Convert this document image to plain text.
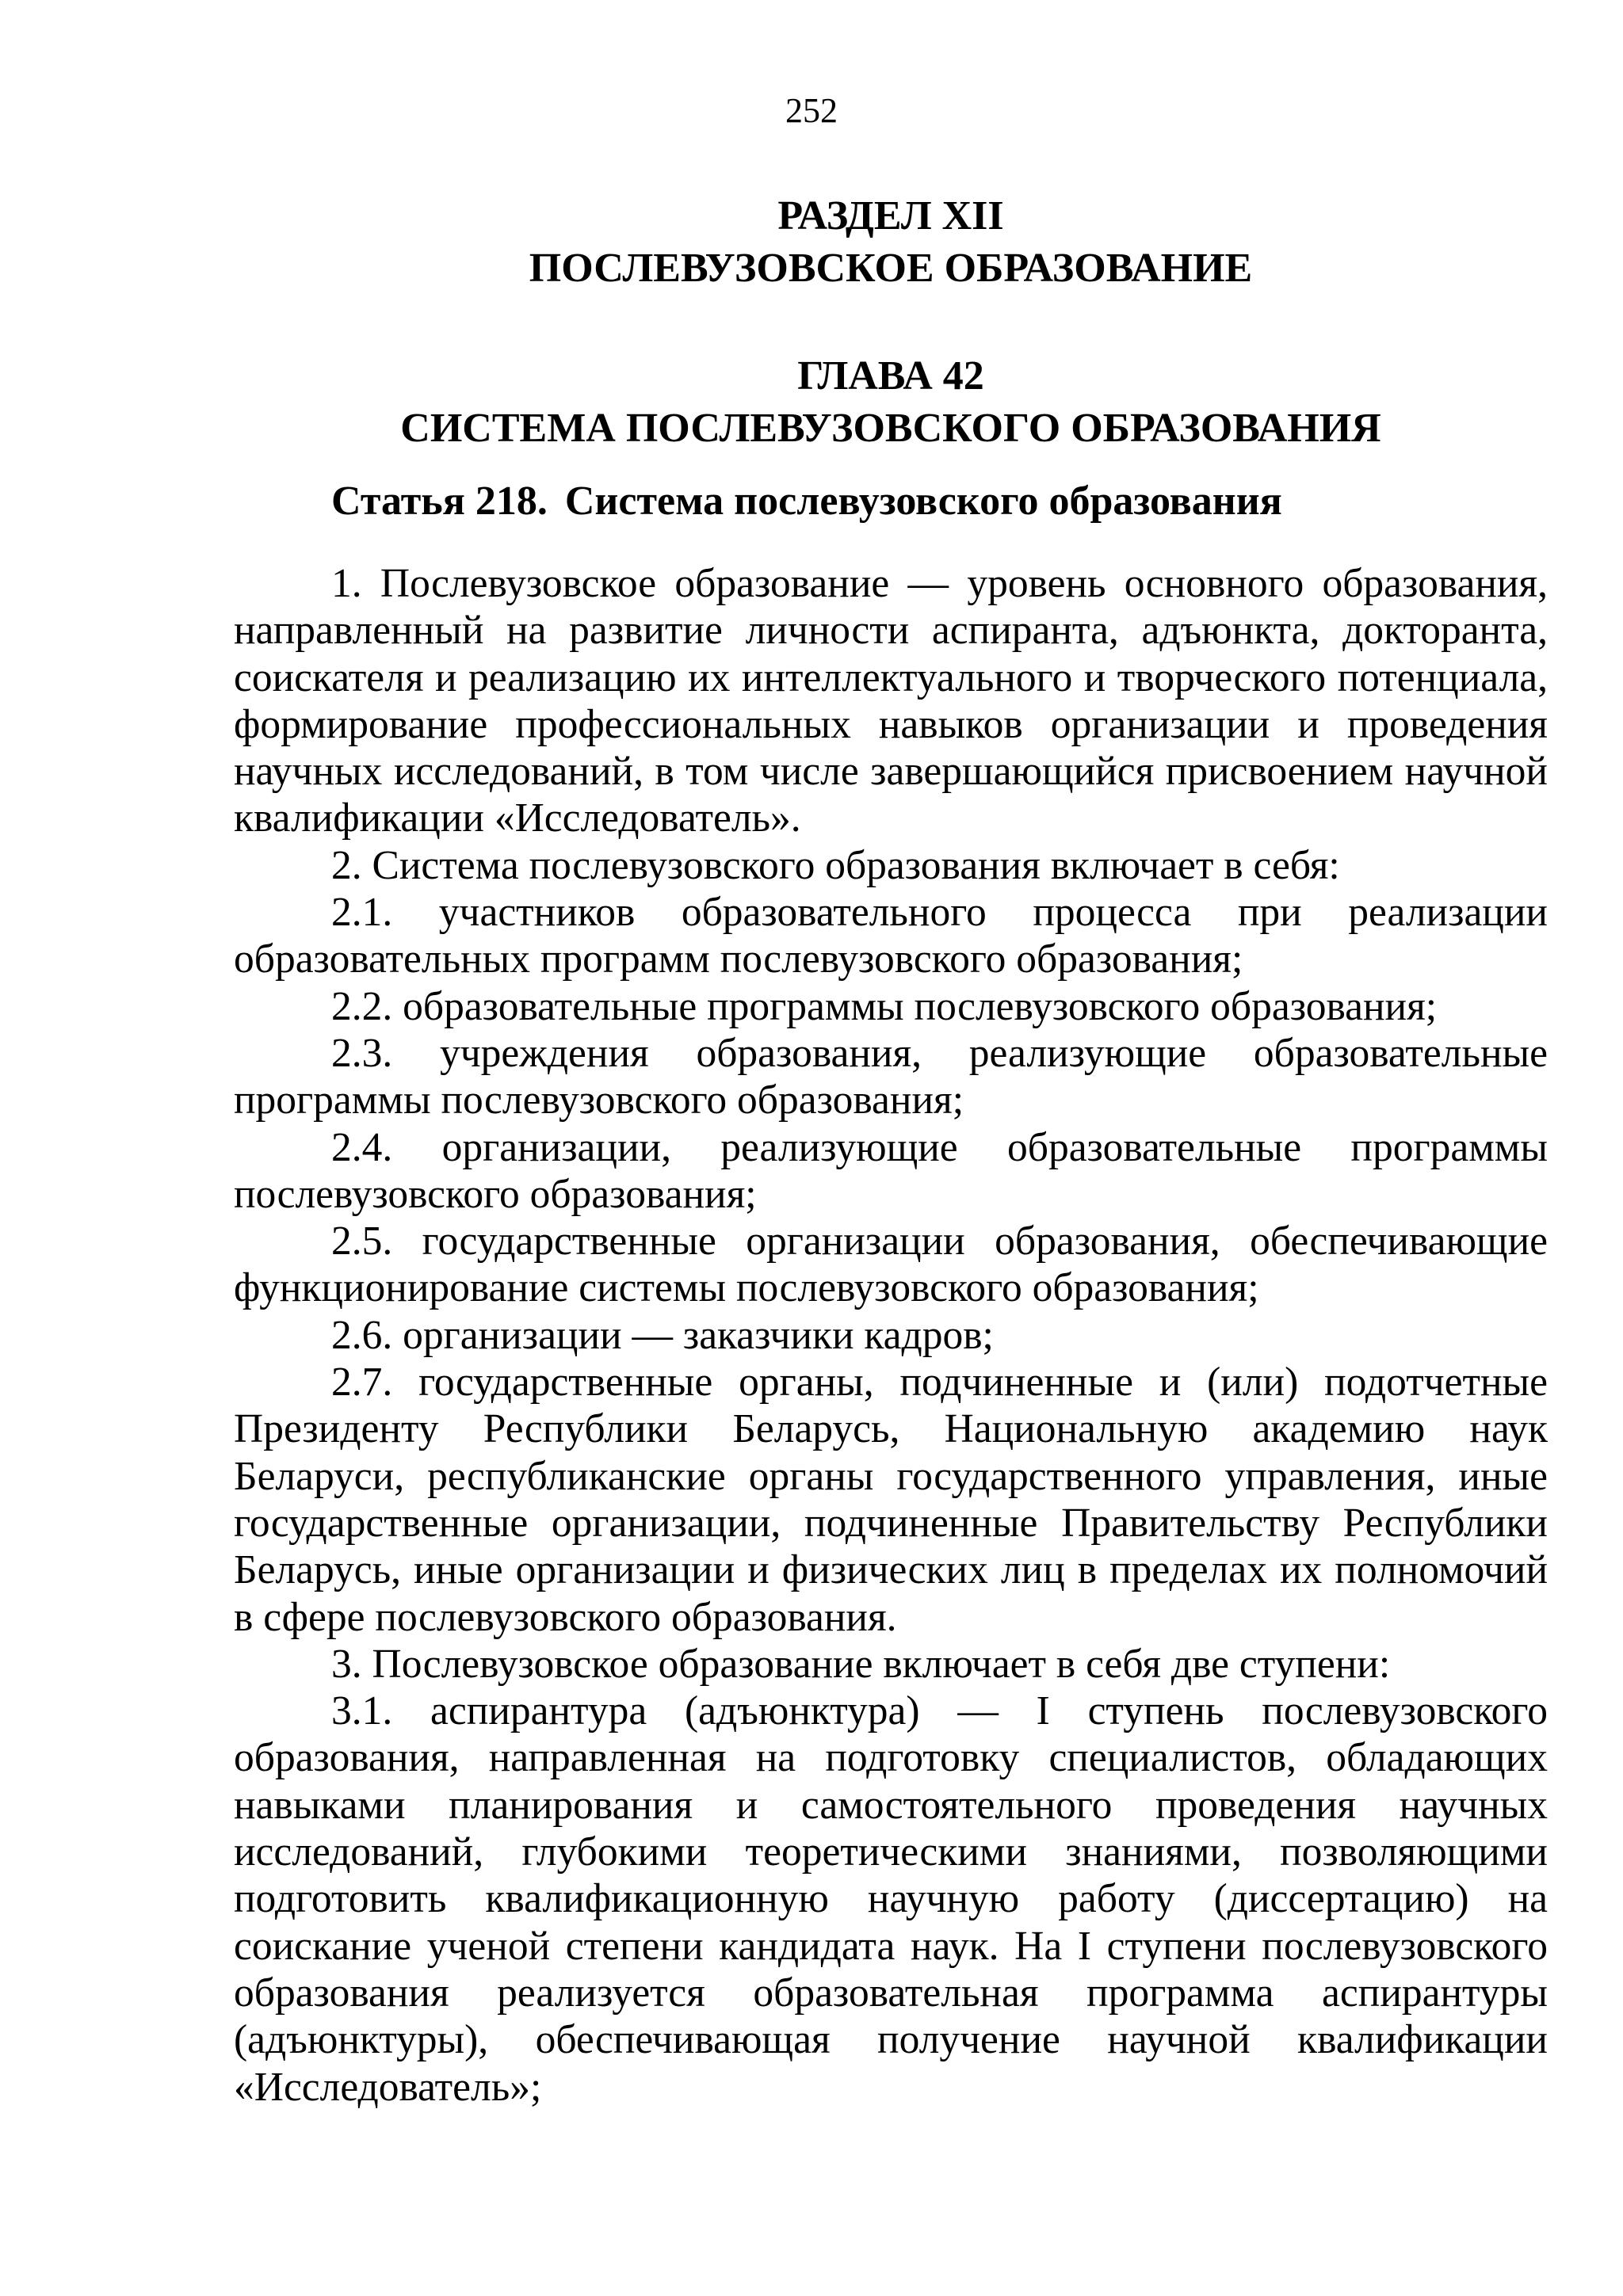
252
РАЗДЕЛ XII
ПОСЛЕВУЗОВСКОЕ ОБРАЗОВАНИЕ
ГЛАВА 42
СИСТЕМА ПОСЛЕВУЗОВСКОГО ОБРАЗОВАНИЯ
Статья 218. Система послевузовского образования

1. Послевузовское образование — уровень основного образования, направленный на развитие личности аспиранта, адъюнкта, докторанта, соискателя и реализацию их интеллектуального и творческого потенциала, формирование профессиональных навыков организации и проведения научных исследований, в том числе завершающийся присвоением научной квалификации «Исследователь».

2. Система послевузовского образования включает в себя:

2.1. участников образовательного процесса при реализации образовательных программ послевузовского образования;

2.2. образовательные программы послевузовского образования;

2.3. учреждения образования, реализующие образовательные программы послевузовского образования;

2.4. организации, реализующие образовательные программы послевузовского образования;

2.5. государственные организации образования, обеспечивающие функционирование системы послевузовского образования;

2.6. организации — заказчики кадров;

2.7. государственные органы, подчиненные и (или) подотчетные Президенту Республики Беларусь, Национальную академию наук Беларуси, республиканские органы государственного управления, иные государственные организации, подчиненные Правительству Республики Беларусь, иные организации и физических лиц в пределах их полномочий в сфере послевузовского образования.

3. Послевузовское образование включает в себя две ступени:

3.1. аспирантура (адъюнктура) — I ступень послевузовского образования, направленная на подготовку специалистов, обладающих навыками планирования и самостоятельного проведения научных исследований, глубокими теоретическими знаниями, позволяющими подготовить квалификационную научную работу (диссертацию) на соискание ученой степени кандидата наук. На I ступени послевузовского образования реализуется образовательная программа аспирантуры (адъюнктуры), обеспечивающая получение научной квалификации «Исследователь»;
